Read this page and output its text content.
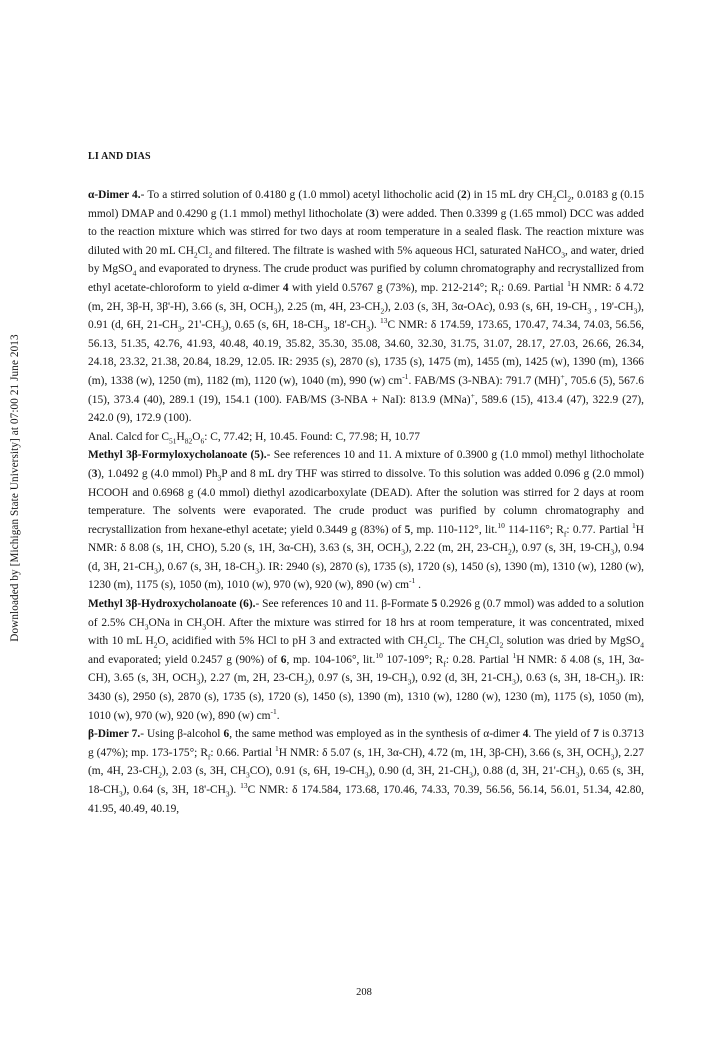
Downloaded by [Michigan State University] at 07:00 21 June 2013
LI AND DIAS

α-Dimer 4.- To a stirred solution of 0.4180 g (1.0 mmol) acetyl lithocholic acid (2) in 15 mL dry $CH_2Cl_2$, 0.0183 g (0.15 mmol) DMAP and 0.4290 g (1.1 mmol) methyl lithocholate (3) were added. Then 0.3399 g (1.65 mmol) DCC was added to the reaction mixture which was stirred for two days at room temperature in a sealed flask. The reaction mixture was diluted with 20 mL $CH_2Cl_2$ and filtered. The filtrate is washed with 5% aqueous HCl, saturated NaHCO$_3$, and water, dried by MgSO$_4$ and evaporated to dryness. The crude product was purified by column chromatography and recrystallized from ethyl acetate-chloroform to yield α-dimer 4 with yield 0.5767 g (73%), mp. 212-214°; $R_f$: 0.69. Partial $^1$H NMR: δ 4.72 (m, 2H, 3β-H, 3β'-H), 3.66 (s, 3H, $OCH_3$), 2.25 (m, 4H, $23-CH_2$), 2.03 (s, 3H, 3α-OAc), 0.93 (s, 6H, $19-CH_3$ , $19'-CH_3$), 0.91 (d, 6H, $21-CH_3$, $21'-CH_3$), 0.65 (s, 6H, $18-CH_3$, $18'-CH_3$). $^{13}$C NMR: δ 174.59, 173.65, 170.47, 74.34, 74.03, 56.56, 56.13, 51.35, 42.76, 41.93, 40.48, 40.19, 35.82, 35.30, 35.08, 34.60, 32.30, 31.75, 31.07, 28.17, 27.03, 26.66, 26.34, 24.18, 23.32, 21.38, 20.84, 18.29, 12.05. IR: 2935 (s), 2870 (s), 1735 (s), 1475 (m), 1455 (m), 1425 (w), 1390 (m), 1366 (m), 1338 (w), 1250 (m), 1182 (m), 1120 (w), 1040 (m), 990 (w) $cm^{-1}$. FAB/MS (3-NBA): 791.7 (MH)+, 705.6 (5), 567.6 (15), 373.4 (40), 289.1 (19), 154.1 (100). FAB/MS (3-NBA + NaI): 813.9 (MNa)+, 589.6 (15), 413.4 (47), 322.9 (27), 242.0 (9), 172.9 (100).

Anal. Calcd for $C_{51}H_{82}O_6$: C, 77.42; H, 10.45. Found: C, 77.98; H, 10.77

Methyl 3β-Formyloxycholanoate (5).- See references 10 and 11. A mixture of 0.3900 g (1.0 mmol) methyl lithocholate (3), 1.0492 g (4.0 mmol) $Ph_3P$ and 8 mL dry THF was stirred to dissolve. To this solution was added 0.096 g (2.0 mmol) HCOOH and 0.6968 g (4.0 mmol) diethyl azodicarboxylate (DEAD). After the solution was stirred for 2 days at room temperature. The solvents were evaporated. The crude product was purified by column chromatography and recrystallization from hexane-ethyl acetate; yield 0.3449 g (83%) of 5, mp. 110-112°, lit.$^{10}$ 114-116°; $R_f$: 0.77. Partial $^1$H NMR: δ 8.08 (s, 1H, CHO), 5.20 (s, 1H, 3α-CH), 3.63 (s, 3H, $OCH_3$), 2.22 (m, 2H, $23-CH_2$), 0.97 (s, 3H, $19-CH_3$), 0.94 (d, 3H, $21-CH_3$), 0.67 (s, 3H, $18-CH_3$). IR: 2940 (s), 2870 (s), 1735 (s), 1720 (s), 1450 (s), 1390 (m), 1310 (w), 1280 (w), 1230 (m), 1175 (s), 1050 (m), 1010 (w), 970 (w), 920 (w), 890 (w) $cm^{-1}$ .

Methyl 3β-Hydroxycholanoate (6).- See references 10 and 11. β-Formate 5 0.2926 g (0.7 mmol) was added to a solution of 2.5% $CH_3ONa$ in $CH_3OH$. After the mixture was stirred for 18 hrs at room temperature, it was concentrated, mixed with 10 mL $H_2O$, acidified with 5% HCl to pH 3 and extracted with $CH_2Cl_2$. The $CH_2Cl_2$ solution was dried by MgSO$_4$ and evaporated; yield 0.2457 g (90%) of 6, mp. 104-106°, lit.$^{10}$ 107-109°; $R_f$: 0.28. Partial $^1$H NMR: δ 4.08 (s, 1H, 3α-CH), 3.65 (s, 3H, $OCH_3$), 2.27 (m, 2H, $23-CH_2$), 0.97 (s, 3H, $19-CH_3$), 0.92 (d, 3H, $21-CH_3$), 0.63 (s, 3H, $18-CH_3$). IR: 3430 (s), 2950 (s), 2870 (s), 1735 (s), 1720 (s), 1450 (s), 1390 (m), 1310 (w), 1280 (w), 1230 (m), 1175 (s), 1050 (m), 1010 (w), 970 (w), 920 (w), 890 (w) $cm^{-1}$.

β-Dimer 7.- Using β-alcohol 6, the same method was employed as in the synthesis of α-dimer 4. The yield of 7 is 0.3713 g (47%); mp. 173-175°; $R_f$: 0.66. Partial $^1$H NMR: δ 5.07 (s, 1H, 3α-CH), 4.72 (m, 1H, 3β-CH), 3.66 (s, 3H, $OCH_3$), 2.27 (m, 4H, $23-CH_2$), 2.03 (s, 3H, $CH_3CO$), 0.91 (s, 6H, $19-CH_3$), 0.90 (d, 3H, $21-CH_3$), 0.88 (d, 3H, $21'-CH_3$), 0.65 (s, 3H, $18-CH_3$), 0.64 (s, 3H, $18'-CH_3$). $^{13}$C NMR: δ 174.584, 173.68, 170.46, 74.33, 70.39, 56.56, 56.14, 56.01, 51.34, 42.80, 41.95, 40.49, 40.19,

208
